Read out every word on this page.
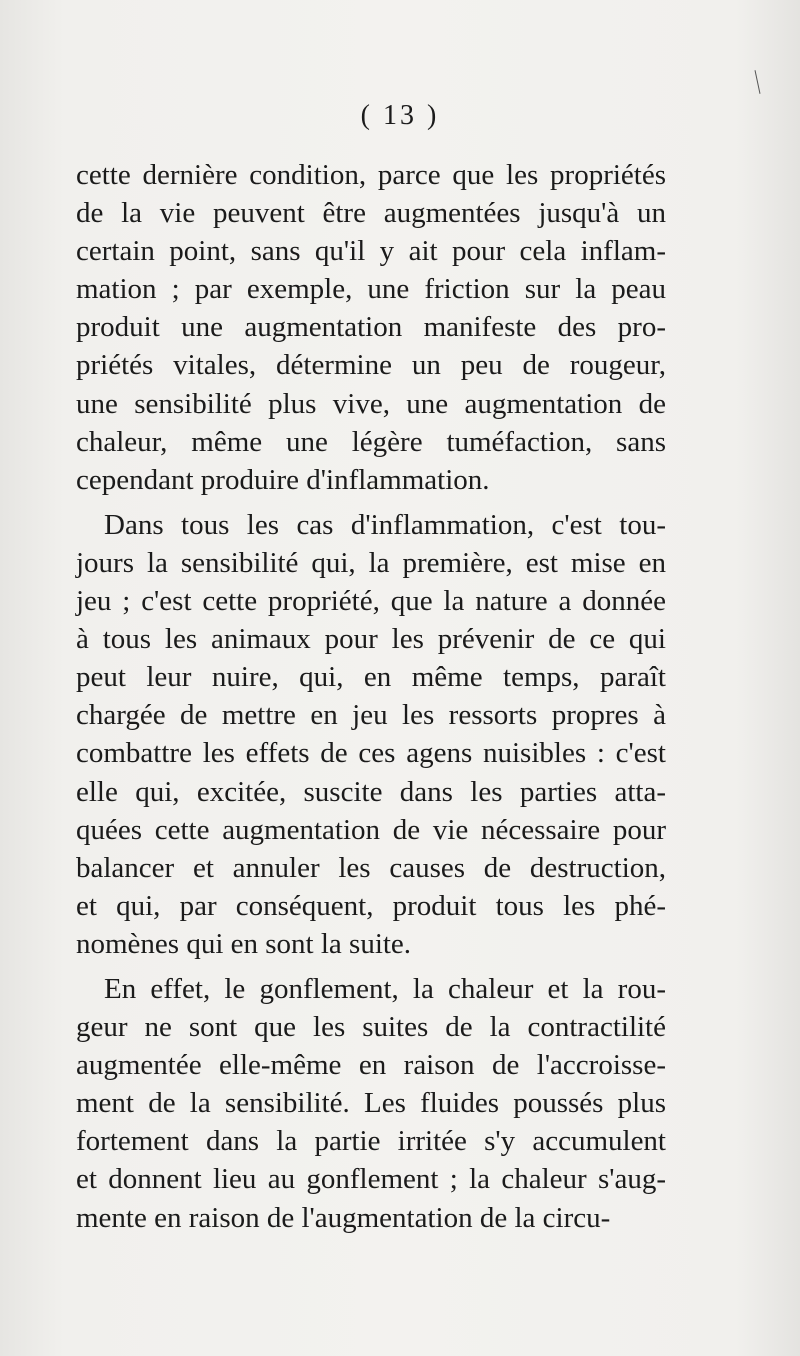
( 13 )
cette dernière condition, parce que les propriétés
de la vie peuvent être augmentées jusqu'à un
certain point, sans qu'il y ait pour cela inflam-
mation ; par exemple, une friction sur la peau
produit une augmentation manifeste des pro-
priétés vitales, détermine un peu de rougeur,
une sensibilité plus vive, une augmentation de
chaleur, même une légère tuméfaction, sans
cependant produire d'inflammation.
Dans tous les cas d'inflammation, c'est tou-
jours la sensibilité qui, la première, est mise en
jeu ; c'est cette propriété, que la nature a donnée
à tous les animaux pour les prévenir de ce qui
peut leur nuire, qui, en même temps, paraît
chargée de mettre en jeu les ressorts propres à
combattre les effets de ces agens nuisibles : c'est
elle qui, excitée, suscite dans les parties atta-
quées cette augmentation de vie nécessaire pour
balancer et annuler les causes de destruction,
et qui, par conséquent, produit tous les phé-
nomènes qui en sont la suite.
En effet, le gonflement, la chaleur et la rou-
geur ne sont que les suites de la contractilité
augmentée elle-même en raison de l'accroisse-
ment de la sensibilité. Les fluides poussés plus
fortement dans la partie irritée s'y accumulent
et donnent lieu au gonflement ; la chaleur s'aug-
mente en raison de l'augmentation de la circu-
